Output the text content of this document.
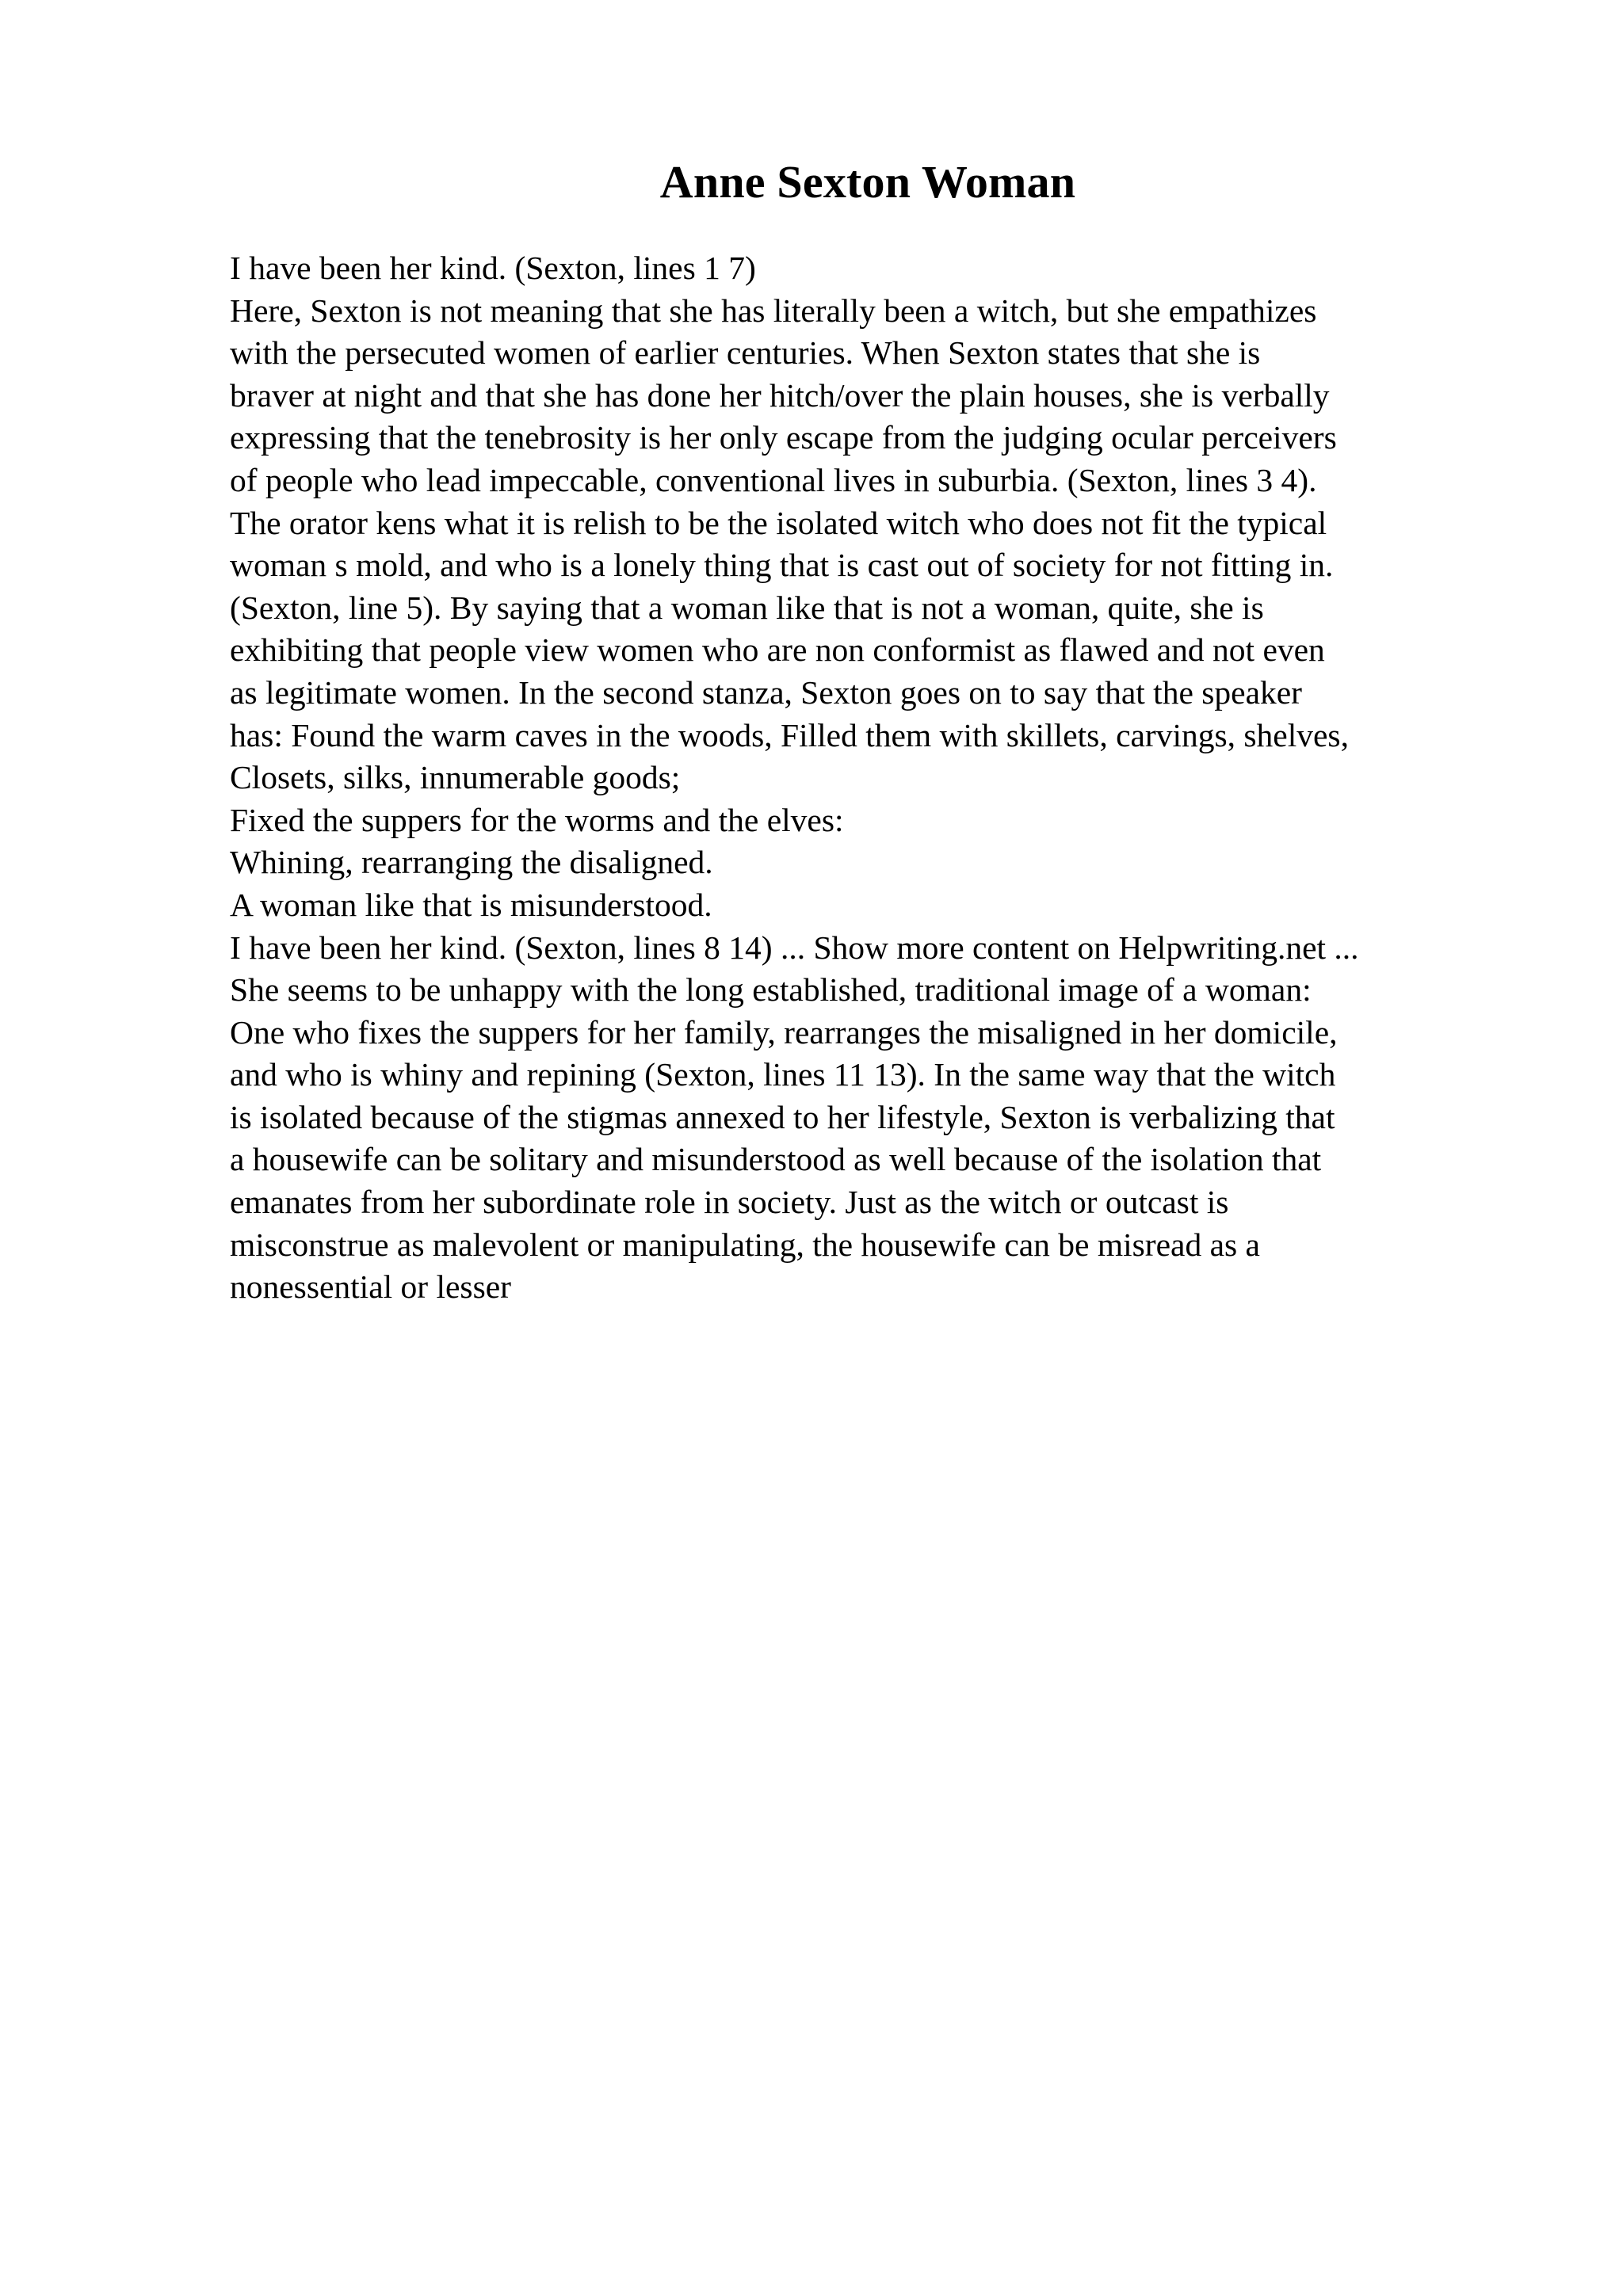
Anne Sexton Woman
I have been her kind. (Sexton, lines 1 7)
Here, Sexton is not meaning that she has literally been a witch, but she empathizes
with the persecuted women of earlier centuries. When Sexton states that she is
braver at night and that she has done her hitch/over the plain houses, she is verbally
expressing that the tenebrosity is her only escape from the judging ocular perceivers
of people who lead impeccable, conventional lives in suburbia. (Sexton, lines 3 4).
The orator kens what it is relish to be the isolated witch who does not fit the typical
woman s mold, and who is a lonely thing that is cast out of society for not fitting in.
(Sexton, line 5). By saying that a woman like that is not a woman, quite, she is
exhibiting that people view women who are non conformist as flawed and not even
as legitimate women. In the second stanza, Sexton goes on to say that the speaker
has: Found the warm caves in the woods, Filled them with skillets, carvings, shelves,
Closets, silks, innumerable goods;
Fixed the suppers for the worms and the elves:
Whining, rearranging the disaligned.
A woman like that is misunderstood.
I have been her kind. (Sexton, lines 8 14) ... Show more content on Helpwriting.net ...
She seems to be unhappy with the long established, traditional image of a woman:
One who fixes the suppers for her family, rearranges the misaligned in her domicile,
and who is whiny and repining (Sexton, lines 11 13). In the same way that the witch
is isolated because of the stigmas annexed to her lifestyle, Sexton is verbalizing that
a housewife can be solitary and misunderstood as well because of the isolation that
emanates from her subordinate role in society. Just as the witch or outcast is
misconstrue as malevolent or manipulating, the housewife can be misread as a
nonessential or lesser
